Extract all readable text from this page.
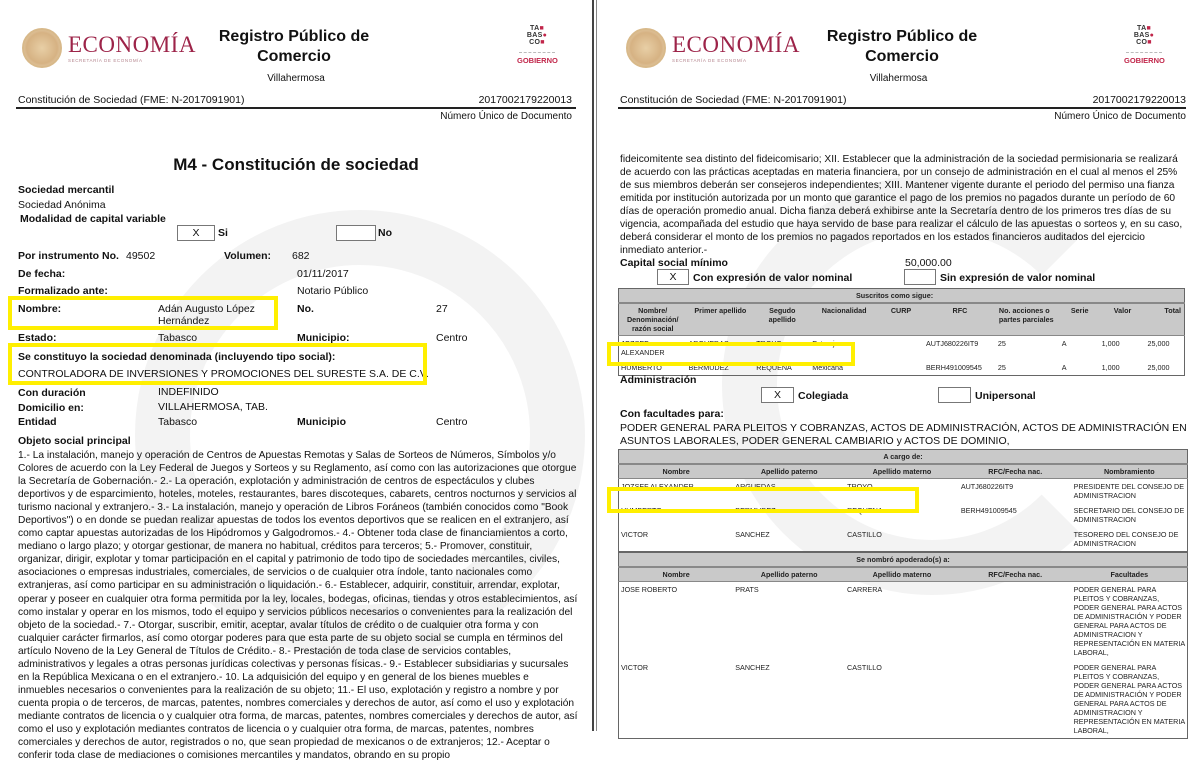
ECONOMÍA
SECRETARÍA DE ECONOMÍA
Registro Público de
Comercio
TA■
BAS●
CO■
GOBIERNO
Villahermosa
Constitución de Sociedad (FME: N-2017091901)	2017002179220013
Número Único de Documento
M4 - Constitución de sociedad
Sociedad mercantil
Sociedad Anónima
Modalidad de capital variable
X	Si	No
Por instrumento No. 49502	Volumen: 682
De fecha:	01/11/2017
Formalizado ante:	Notario Público
Nombre:	Adán Augusto López
Hernández
No.	27
Estado:	Tabasco	Municipio:	Centro
Se constituyo la sociedad denominada (incluyendo tipo social):
CONTROLADORA DE INVERSIONES Y PROMOCIONES DEL SURESTE S.A. DE C.V.
Con duración	INDEFINIDO
Domicilio en:	VILLAHERMOSA, TAB.
Entidad	Tabasco	Municipio	Centro
Objeto social principal
1.- La instalación, manejo y operación de Centros de Apuestas Remotas y Salas de Sorteos de Números, Símbolos y/o Colores de acuerdo con la Ley Federal de Juegos y Sorteos y su Reglamento, así como con las autorizaciones que otorgue la Secretaría de Gobernación.- 2.- La operación, explotación y administración de centros de espectáculos y clubes deportivos y de esparcimiento, hoteles, moteles, restaurantes, bares discoteques, cabarets, centros nocturnos y servicios al turismo nacional y extranjero.- 3.- La instalación, manejo y operación de Libros Foráneos (también conocidos como "Book Deportivos") o en donde se puedan realizar apuestas de todos los eventos deportivos que se realicen en el extranjero, así como captar apuestas autorizadas de los Hipódromos y Galgodromos.- 4.- Obtener toda clase de financiamientos a corto, mediano o largo plazo; y otorgar gestionar, de manera no habitual, créditos para terceros; 5.- Promover, constituir, organizar, dirigir, explotar y tomar participación en el capital y patrimonio de todo tipo de sociedades mercantiles, civiles, asociaciones o empresas industriales, comerciales, de servicios o de cualquier otra índole, tanto nacionales como extranjeras, así como participar en su administración o liquidación.- 6.- Establecer, adquirir, constituir, arrendar, explotar, operar y poseer en cualquier otra forma permitida por la ley, locales, bodegas, oficinas, tiendas y otros establecimientos, así como instalar y operar en los mismos, todo el equipo y servicios públicos necesarios o convenientes para la realización del objeto de la sociedad.- 7.- Otorgar, suscribir, emitir, aceptar, avalar títulos de crédito o de cualquier otra forma y con cualquier carácter firmarlos, así como otorgar poderes para que esta parte de su objeto social se cumpla en términos del artículo Noveno de la Ley General de Títulos de Crédito.- 8.- Prestación de toda clase de servicios contables, administrativos y legales a otras personas jurídicas colectivas y personas físicas.- 9.- Establecer subsidiarias y sucursales en la República Mexicana o en el extranjero.- 10. La adquisición del equipo y en general de los bienes muebles e inmuebles necesarios o convenientes para la realización de su objeto; 11.- El uso, explotación y registro a nombre y por cuenta propia o de terceros, de marcas, patentes, nombres comerciales y derechos de autor, así como el uso y explotación mediante contratos de licencia o y cualquier otra forma, de marcas, patentes, nombres comerciales y derechos de autor, así como el uso y explotación mediantes contratos de licencia o y cualquier otra forma, de marcas, patentes, nombres comerciales y derechos de autor, registrados o no, que sean propiedad de mexicanos o de extranjeros; 12.- Aceptar o conferir toda clase de mediaciones o comisiones mercantiles y mandatos, obrando en su propio
ECONOMÍA
SECRETARÍA DE ECONOMÍA
Registro Público de
Comercio
TA■
BAS●
CO■
GOBIERNO
Villahermosa
Constitución de Sociedad (FME: N-2017091901)	2017002179220013
Número Único de Documento
fideicomitente sea distinto del fideicomisario; XII. Establecer que la administración de la sociedad permisionaria se realizará de acuerdo con las prácticas aceptadas en materia financiera, por un consejo de administración en el cual al menos el 25% de sus miembros deberán ser consejeros independientes; XIII. Mantener vigente durante el periodo del permiso una fianza emitida por institución autorizada por un monto que garantice el pago de los premios no pagados durante un período de 60 días de operación promedio anual. Dicha fianza deberá exhibirse ante la Secretaría dentro de los primeros tres días de su vigencia, acompañada del estudio que haya servido de base para realizar el cálculo de las apuestas o sorteos y, en su caso, deberá considerar el monto de los premios no pagados reportados en los estados financieros auditados del ejercicio inmediato anterior.-
Capital social mínimo	50,000.00
X	Con expresión de valor nominal	Sin expresión de valor nominal
Suscritos como sigue:									
Nombre/ Denominación/ razón social	Primer apellido	Segudo apellido	Nacionalidad	CURP	RFC	No. acciones o partes parciales	Serie	Valor	Total
JOZSEF ALEXANDER	ARGUEDAS	TROYO	Extranjera		AUTJ680226IT9	25	A	1,000	25,000
HUMBERTO	BERMUDEZ	REQUENA	Mexicana		BERH491009545	25	A	1,000	25,000
Administración
X	Colegiada	Unipersonal
Con facultades para:
PODER GENERAL PARA PLEITOS Y COBRANZAS, ACTOS DE ADMINISTRACIÓN, ACTOS DE ADMINISTRACIÓN EN ASUNTOS LABORALES, PODER GENERAL CAMBIARIO y ACTOS DE DOMINIO,
A cargo de:				
Nombre	Apellido paterno	Apellido materno	RFC/Fecha nac.	Nombramiento
JOZSEF ALEXANDER	ARGUEDAS	TROYO	AUTJ680226IT9	PRESIDENTE DEL CONSEJO DE ADMINISTRACION
HUMBERTO	BERMUDEZ	REQUENA	BERH491009545	SECRETARIO DEL CONSEJO DE ADMINISTRACION
VICTOR	SANCHEZ	CASTILLO		TESORERO DEL CONSEJO DE ADMINISTRACION
Se nombró apoderado(s) a:				
Nombre	Apellido paterno	Apellido materno	RFC/Fecha nac.	Facultades
JOSE ROBERTO	PRATS	CARRERA		PODER GENERAL PARA PLEITOS Y COBRANZAS, PODER GENERAL PARA ACTOS DE ADMINISTRACIÓN Y PODER GENERAL PARA ACTOS DE ADMINISTRACION Y REPRESENTACIÓN EN MATERIA LABORAL,
VICTOR	SANCHEZ	CASTILLO		PODER GENERAL PARA PLEITOS Y COBRANZAS, PODER GENERAL PARA ACTOS DE ADMINISTRACIÓN Y PODER GENERAL PARA ACTOS DE ADMINISTRACION Y REPRESENTACIÓN EN MATERIA LABORAL,
